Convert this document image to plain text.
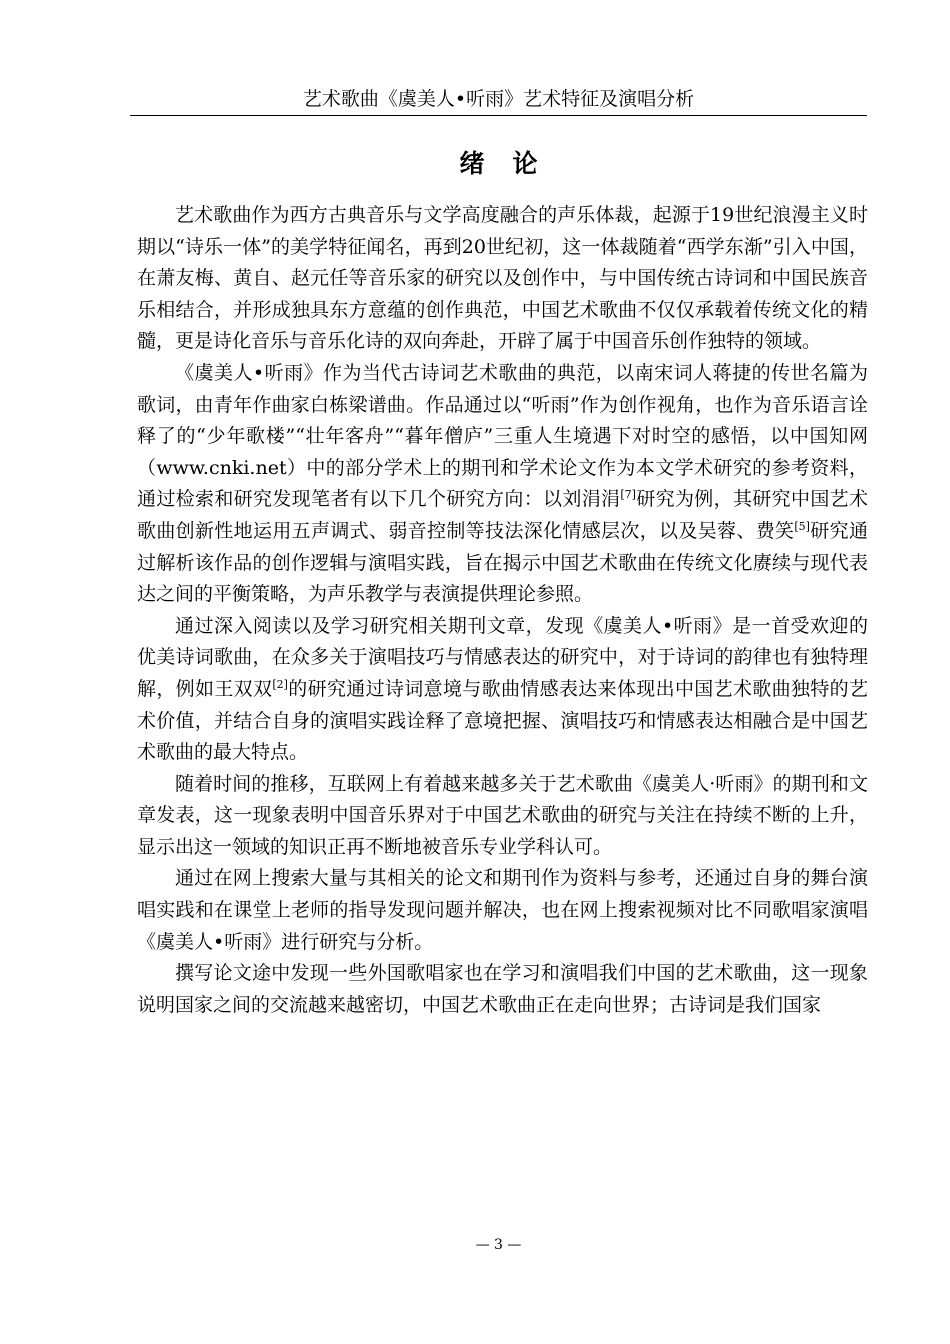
艺术歌曲《虞美人•听雨》艺术特征及演唱分析
绪论

艺术歌曲作为西方古典音乐与文学高度融合的声乐体裁，起源于19世纪浪漫主义时期以“诗乐一体”的美学特征闻名，再到20世纪初，这一体裁随着“西学东渐”引入中国，在萧友梅、黄自、赵元任等音乐家的研究以及创作中，与中国传统古诗词和中国民族音乐相结合，并形成独具东方意蕴的创作典范，中国艺术歌曲不仅仅承载着传统文化的精髓，更是诗化音乐与音乐化诗的双向奔赴，开辟了属于中国音乐创作独特的领域。

《虞美人•听雨》作为当代古诗词艺术歌曲的典范，以南宋词人蒋捷的传世名篇为歌词，由青年作曲家白栋梁谱曲。作品通过以“听雨”作为创作视角，也作为音乐语言诠释了的“少年歌楼”“壮年客舟”“暮年僧庐”三重人生境遇下对时空的感悟，以中国知网（www.cnki.net）中的部分学术上的期刊和学术论文作为本文学术研究的参考资料，通过检索和研究发现笔者有以下几个研究方向：以刘涓涓[7]研究为例，其研究中国艺术歌曲创新性地运用五声调式、弱音控制等技法深化情感层次，以及吴蓉、费笑[5]研究通过解析该作品的创作逻辑与演唱实践，旨在揭示中国艺术歌曲在传统文化赓续与现代表达之间的平衡策略，为声乐教学与表演提供理论参照。

通过深入阅读以及学习研究相关期刊文章，发现《虞美人•听雨》是一首受欢迎的优美诗词歌曲，在众多关于演唱技巧与情感表达的研究中，对于诗词的韵律也有独特理解，例如王双双[2]的研究通过诗词意境与歌曲情感表达来体现出中国艺术歌曲独特的艺术价值，并结合自身的演唱实践诠释了意境把握、演唱技巧和情感表达相融合是中国艺术歌曲的最大特点。

随着时间的推移，互联网上有着越来越多关于艺术歌曲《虞美人·听雨》的期刊和文章发表，这一现象表明中国音乐界对于中国艺术歌曲的研究与关注在持续不断的上升，显示出这一领域的知识正再不断地被音乐专业学科认可。

通过在网上搜索大量与其相关的论文和期刊作为资料与参考，还通过自身的舞台演唱实践和在课堂上老师的指导发现问题并解决，也在网上搜索视频对比不同歌唱家演唱《虞美人•听雨》进行研究与分析。

撰写论文途中发现一些外国歌唱家也在学习和演唱我们中国的艺术歌曲，这一现象说明国家之间的交流越来越密切，中国艺术歌曲正在走向世界；古诗词是我们国家

— 3 —
